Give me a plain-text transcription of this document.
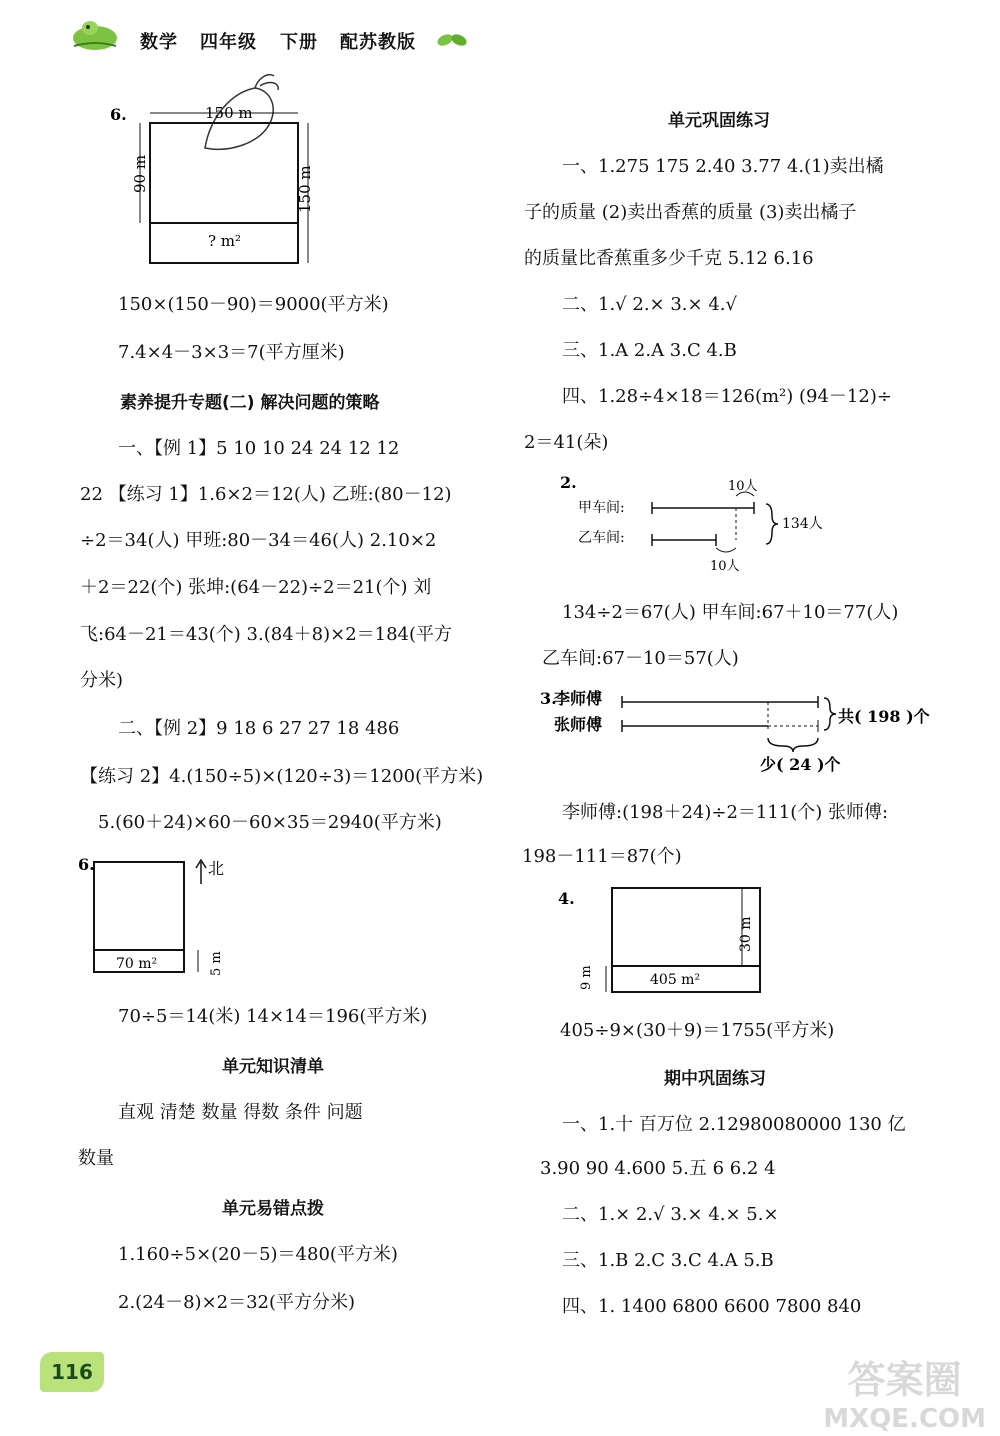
数学 四年级 下册 配苏教版
6.	150 m
90 m	150 m
? m²
150×(150－90)＝9000(平方米)
7.4×4－3×3＝7(平方厘米)
素养提升专题(二) 解决问题的策略
一、【例 1】5 10 10 24 24 12 12
22 【练习 1】1.6×2＝12(人) 乙班:(80－12)
÷2＝34(人) 甲班:80－34＝46(人) 2.10×2
＋2＝22(个) 张坤:(64－22)÷2＝21(个) 刘
飞:64－21＝43(个) 3.(84＋8)×2＝184(平方
分米)
二、【例 2】9 18 6 27 27 18 486
【练习 2】4.(150÷5)×(120÷3)＝1200(平方米)
5.(60＋24)×60－60×35＝2940(平方米)
6.	北
70 m²	5 m
70÷5＝14(米) 14×14＝196(平方米)
单元知识清单
直观 清楚 数量 得数 条件 问题
数量
单元易错点拨
1.160÷5×(20－5)＝480(平方米)
2.(24－8)×2＝32(平方分米)
单元巩固练习
一、1.275 175 2.40 3.77 4.(1)卖出橘
子的质量 (2)卖出香蕉的质量 (3)卖出橘子
的质量比香蕉重多少千克 5.12 6.16
二、1.√ 2.× 3.× 4.√
三、1.A 2.A 3.C 4.B
四、1.28÷4×18＝126(m²) (94－12)÷
2＝41(朵)
2.
甲车间:
乙车间:
10人
10人
134人
134÷2＝67(人) 甲车间:67＋10＝77(人)
乙车间:67－10＝57(人)
3.
李师傅
张师傅	共( 198 )个
少( 24 )个
李师傅:(198＋24)÷2＝111(个) 张师傅:
198－111＝87(个)
4.
30 m
9 m	405 m²
405÷9×(30＋9)＝1755(平方米)
期中巩固练习
一、1.十 百万位 2.12980080000 130 亿
3.90 90 4.600 5.五 6 6.2 4
二、1.× 2.√ 3.× 4.× 5.×
三、1.B 2.C 3.C 4.A 5.B
四、1. 1400 6800 6600 7800 840
116	答案圈
MXQE.COM
